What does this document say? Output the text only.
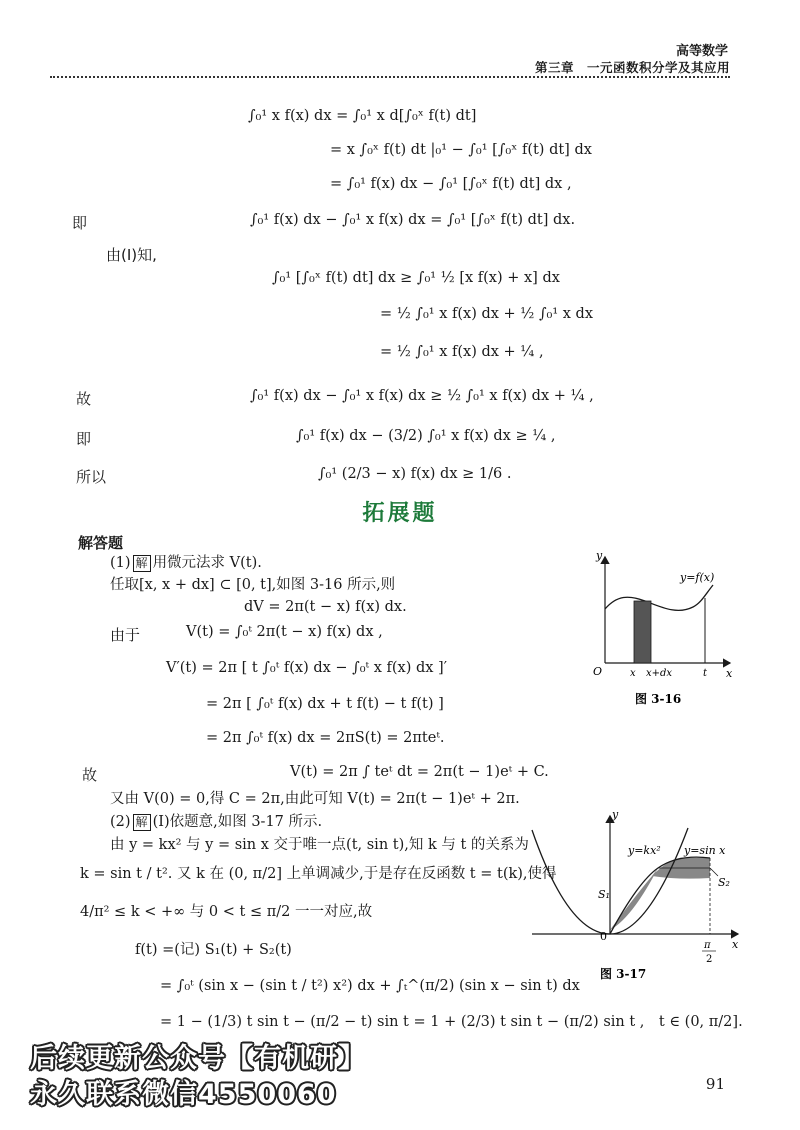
高等数学
第三章　一元函数积分学及其应用
∫₀¹ x f(x) dx = ∫₀¹ x d[∫₀ˣ f(t) dt]
= x ∫₀ˣ f(t) dt |₀¹ − ∫₀¹ [∫₀ˣ f(t) dt] dx
= ∫₀¹ f(x) dx − ∫₀¹ [∫₀ˣ f(t) dt] dx ,
即	∫₀¹ f(x) dx − ∫₀¹ x f(x) dx = ∫₀¹ [∫₀ˣ f(t) dt] dx.
由(Ⅰ)知,
∫₀¹ [∫₀ˣ f(t) dt] dx ≥ ∫₀¹ ½ [x f(x) + x] dx
= ½ ∫₀¹ x f(x) dx + ½ ∫₀¹ x dx
= ½ ∫₀¹ x f(x) dx + ¼ ,
故	∫₀¹ f(x) dx − ∫₀¹ x f(x) dx ≥ ½ ∫₀¹ x f(x) dx + ¼ ,
即	∫₀¹ f(x) dx − (3/2) ∫₀¹ x f(x) dx ≥ ¼ ,
所以	∫₀¹ (2/3 − x) f(x) dx ≥ 1/6 .
拓展题
解答题
(1) 解 用微元法求 V(t).
任取[x, x + dx] ⊂ [0, t],如图 3-16 所示,则
dV = 2π(t − x) f(x) dx.
由于	V(t) = ∫₀ᵗ 2π(t − x) f(x) dx ,
V′(t) = 2π [ t ∫₀ᵗ f(x) dx − ∫₀ᵗ x f(x) dx ]′
= 2π [ ∫₀ᵗ f(x) dx + t f(t) − t f(t) ]
= 2π ∫₀ᵗ f(x) dx = 2πS(t) = 2πteᵗ.
故	V(t) = 2π ∫ teᵗ dt = 2π(t − 1)eᵗ + C.
又由 V(0) = 0,得 C = 2π,由此可知 V(t) = 2π(t − 1)eᵗ + 2π.
(2) 解 (Ⅰ)依题意,如图 3-17 所示.
由 y = kx² 与 y = sin x 交于唯一点(t, sin t),知 k 与 t 的关系为
k = sin t / t². 又 k 在 (0, π/2] 上单调减少,于是存在反函数 t = t(k),使得
4/π² ≤ k < +∞ 与 0 < t ≤ π/2 一一对应,故
f(t) =(记) S₁(t) + S₂(t)
= ∫₀ᵗ (sin x − (sin t / t²) x²) dx + ∫ₜ^(π/2) (sin x − sin t) dx
= 1 − (1/3) t sin t − (π/2 − t) sin t = 1 + (2/3) t sin t − (π/2) sin t ,　t ∈ (0, π/2].
y
x
O
y=f(x)
x x+dx	t
图 3-16
y
x
0
y=kx² y=sin x
S₁
S₂
π
2
图 3-17
91
后续更新公众号【有机研】
永久联系微信4550060
